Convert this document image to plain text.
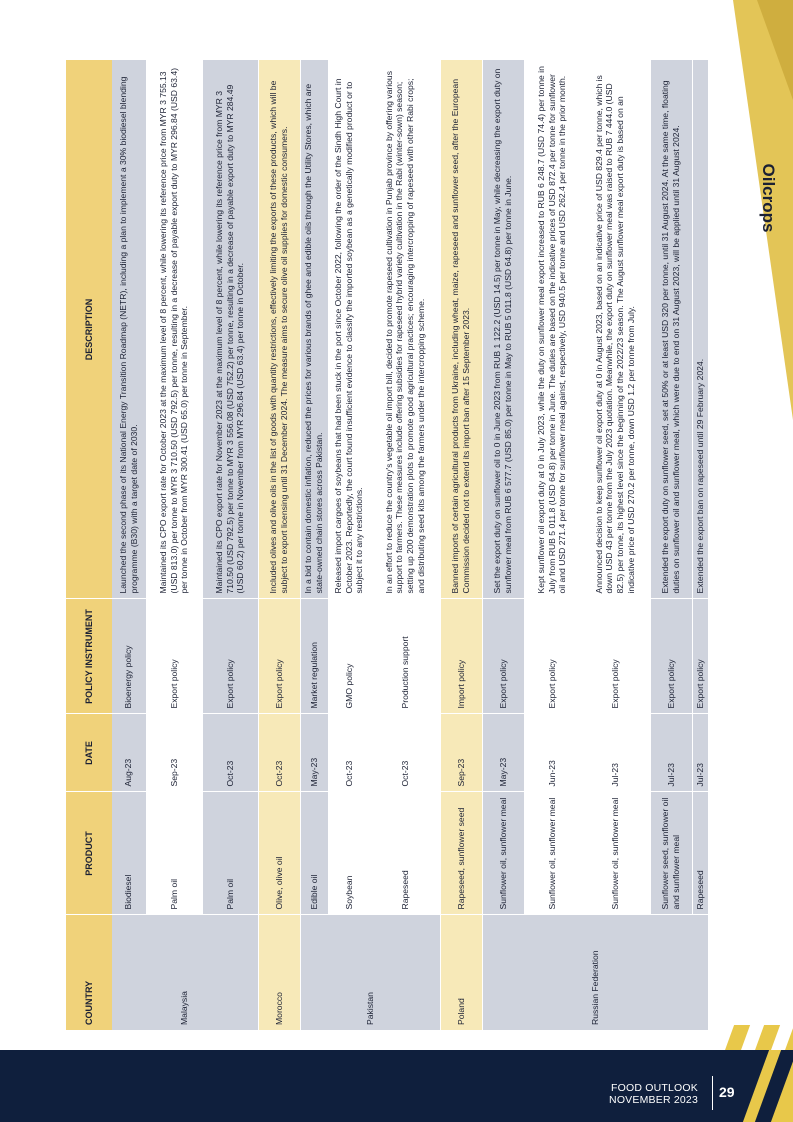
Oilcrops
COUNTRY	PRODUCT	DATE	POLICY INSTRUMENT	DESCRIPTION
Malaysia	Biodiesel	Aug-23	Bioenergy policy	Launched the second phase of its National Energy Transition Roadmap (NETR), including a plan to implement a 30% biodiesel blending programme (B30) with a target date of 2030.
	Palm oil	Sep-23	Export policy	Maintained its CPO export rate for October 2023 at the maximum level of 8 percent, while lowering its reference price from MYR 3 755.13 (USD 813.0) per tonne to MYR 3 710.50 (USD 792.5) per tonne, resulting in a decrease of payable export duty to MYR 296.84 (USD 63.4) per tonne in October from MYR 300.41 (USD 65.0) per tonne in September.
	Palm oil	Oct-23	Export policy	Maintained its CPO export rate for November 2023 at the maximum level of 8 percent, while lowering its reference price from MYR 3 710.50 (USD 792.5) per tonne to MYR 3 556.08 (USD 752.2) per tonne, resulting in a decrease of payable export duty to MYR 284.49 (USD 60.2) per tonne in November from MYR 296.84 (USD 63.4) per tonne in October.
Morocco	Olive, olive oil	Oct-23	Export policy	Included olives and olive oils in the list of goods with quantity restrictions, effectively limiting the exports of these products, which will be subject to export licensing until 31 December 2024. The measure aims to secure olive oil supplies for domestic consumers.
Pakistan	Edible oil	May-23	Market regulation	In a bid to contain domestic inflation, reduced the prices for various brands of ghee and edible oils through the Utility Stores, which are state-owned chain stores across Pakistan.
	Soybean	Oct-23	GMO policy	Released import cargoes of soybeans that had been stuck in the port since October 2022, following the order of the Sindh High Court in October 2023. Reportedly, the court found insufficient evidence to classify the imported soybean as a genetically modified product or to subject it to any restrictions.
	Rapeseed	Oct-23	Production support	In an effort to reduce the country's vegetable oil import bill, decided to promote rapeseed cultivation in Punjab province by offering various support to farmers. These measures include offering subsidies for rapeseed hybrid variety cultivation in the Rabi (winter-sown) season; setting up 200 demonstration plots to promote good agricultural practices; encouraging intercropping of rapeseed with other Rabi crops; and distributing seed kits among the farmers under the intercropping scheme.
Poland	Rapeseed, sunflower seed	Sep-23	Import policy	Banned imports of certain agricultural products from Ukraine, including wheat, maize, rapeseed and sunflower seed, after the European Commission decided not to extend its import ban after 15 September 2023.
Russian Federation	Sunflower oil, sunflower meal	May-23	Export policy	Set the export duty on sunflower oil to 0 in June 2023 from RUB 1 122.2 (USD 14.5) per tonne in May, while decreasing the export duty on sunflower meal from RUB 6 577.7 (USD 85.0) per tonne in May to RUB 5 011.8 (USD 64.8) per tonne in June.
	Sunflower oil, sunflower meal	Jun-23	Export policy	Kept sunflower oil export duty at 0 in July 2023, while the duty on sunflower meal export increased to RUB 6 248.7 (USD 74.4) per tonne in July from RUB 5 011.8 (USD 64.8) per tonne in June. The duties are based on the indicative prices of USD 872.4 per tonne for sunflower oil and USD 271.4 per tonne for sunflower meal against, respectively, USD 940.5 per tonne and USD 262.4 per tonne in the prior month.
	Sunflower oil, sunflower meal	Jul-23	Export policy	Announced decision to keep sunflower oil export duty at 0 in August 2023, based on an indicative price of USD 829.4 per tonne, which is down USD 43 per tonne from the July 2023 quotation. Meanwhile, the export duty on sunflower meal was raised to RUB 7 444.0 (USD 82.5) per tonne, its highest level since the beginning of the 2022/23 season. The August sunflower meal export duty is based on an indicative price of USD 270.2 per tonne, down USD 1.2 per tonne from July.
	Sunflower seed, sunflower oil and sunflower meal	Jul-23	Export policy	Extended the export duty on sunflower seed, set at 50% or at least USD 320 per tonne, until 31 August 2024. At the same time, floating duties on sunflower oil and sunflower meal, which were due to end on 31 August 2023, will be applied until 31 August 2024.
	Rapeseed	Jul-23	Export policy	Extended the export ban on rapeseed until 29 February 2024.
FOOD OUTLOOK
NOVEMBER 2023 29
